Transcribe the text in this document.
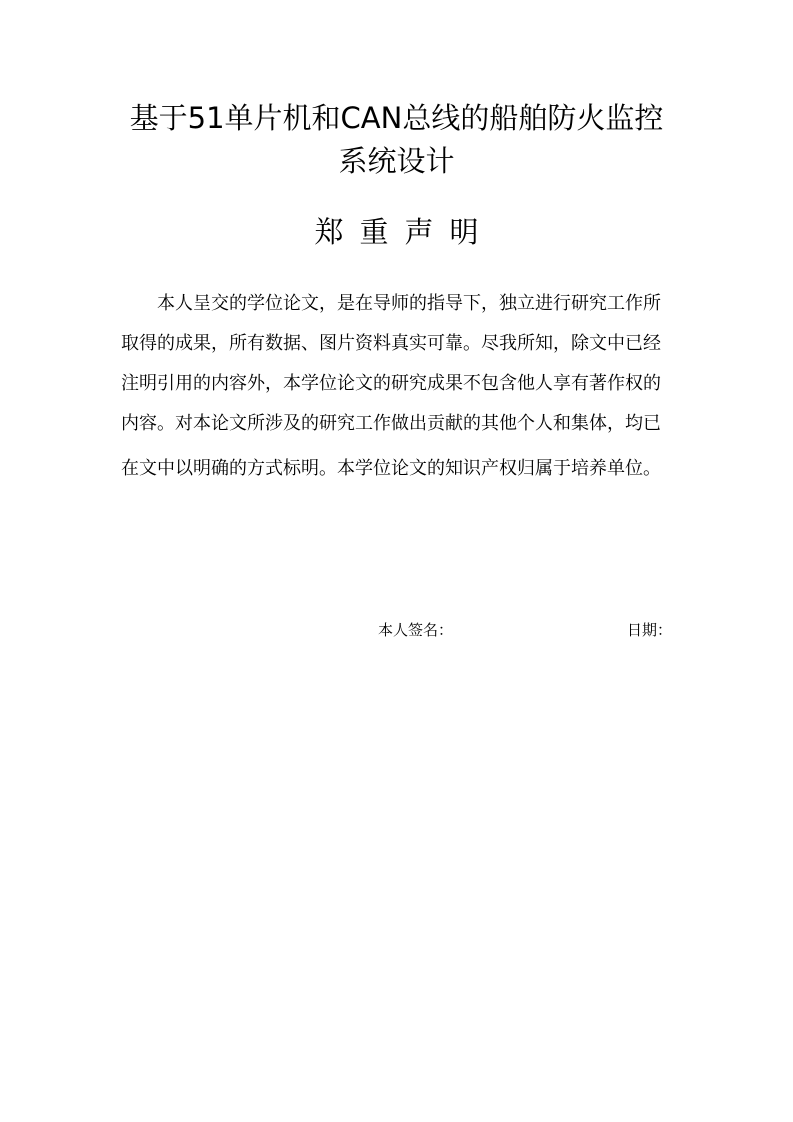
基于51单片机和CAN总线的船舶防火监控
系统设计
郑重声明
本人呈交的学位论文，是在导师的指导下，独立进行研究工作所
取得的成果，所有数据、图片资料真实可靠。尽我所知，除文中已经
注明引用的内容外，本学位论文的研究成果不包含他人享有著作权的
内容。对本论文所涉及的研究工作做出贡献的其他个人和集体，均已
在文中以明确的方式标明。本学位论文的知识产权归属于培养单位。
本人签名：	日期：
